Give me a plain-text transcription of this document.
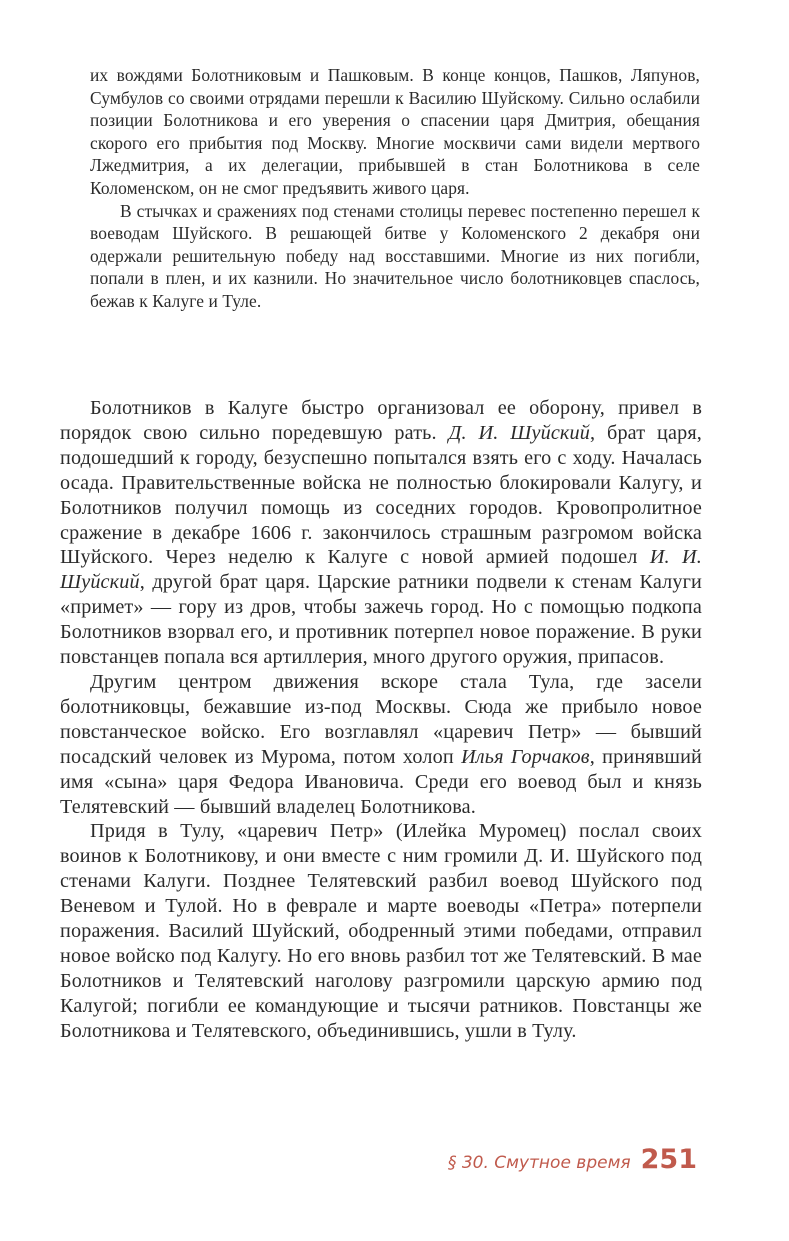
их вождями Болотниковым и Пашковым. В конце концов, Пашков, Ляпунов, Сумбулов со своими отрядами перешли к Василию Шуйскому. Сильно ослабили позиции Болотникова и его уверения о спасении царя Дмитрия, обещания скорого его прибытия под Москву. Многие москвичи сами видели мертвого Лжедмитрия, а их делегации, прибывшей в стан Болотникова в селе Коломенском, он не смог предъявить живого царя.

В стычках и сражениях под стенами столицы перевес постепенно перешел к воеводам Шуйского. В решающей битве у Коломенского 2 декабря они одержали решительную победу над восставшими. Многие из них погибли, попали в плен, и их казнили. Но значительное число болотниковцев спаслось, бежав к Калуге и Туле.

Болотников в Калуге быстро организовал ее оборону, привел в порядок свою сильно поредевшую рать. Д. И. Шуйский, брат царя, подошедший к городу, безуспешно попытался взять его с ходу. Началась осада. Правительственные войска не полностью блокировали Калугу, и Болотников получил помощь из соседних городов. Кровопролитное сражение в декабре 1606 г. закончилось страшным разгромом войска Шуйского. Через неделю к Калуге с новой армией подошел И. И. Шуйский, другой брат царя. Царские ратники подвели к стенам Калуги «примет» — гору из дров, чтобы зажечь город. Но с помощью подкопа Болотников взорвал его, и противник потерпел новое поражение. В руки повстанцев попала вся артиллерия, много другого оружия, припасов.

Другим центром движения вскоре стала Тула, где засели болотниковцы, бежавшие из-под Москвы. Сюда же прибыло новое повстанческое войско. Его возглавлял «царевич Петр» — бывший посадский человек из Мурома, потом холоп Илья Горчаков, принявший имя «сына» царя Федора Ивановича. Среди его воевод был и князь Телятевский — бывший владелец Болотникова.

Придя в Тулу, «царевич Петр» (Илейка Муромец) послал своих воинов к Болотникову, и они вместе с ним громили Д. И. Шуйского под стенами Калуги. Позднее Телятевский разбил воевод Шуйского под Веневом и Тулой. Но в феврале и марте воеводы «Петра» потерпели поражения. Василий Шуйский, ободренный этими победами, отправил новое войско под Калугу. Но его вновь разбил тот же Телятевский. В мае Болотников и Телятевский наголову разгромили царскую армию под Калугой; погибли ее командующие и тысячи ратников. Повстанцы же Болотникова и Телятевского, объединившись, ушли в Тулу.

§ 30. Смутное время 251
